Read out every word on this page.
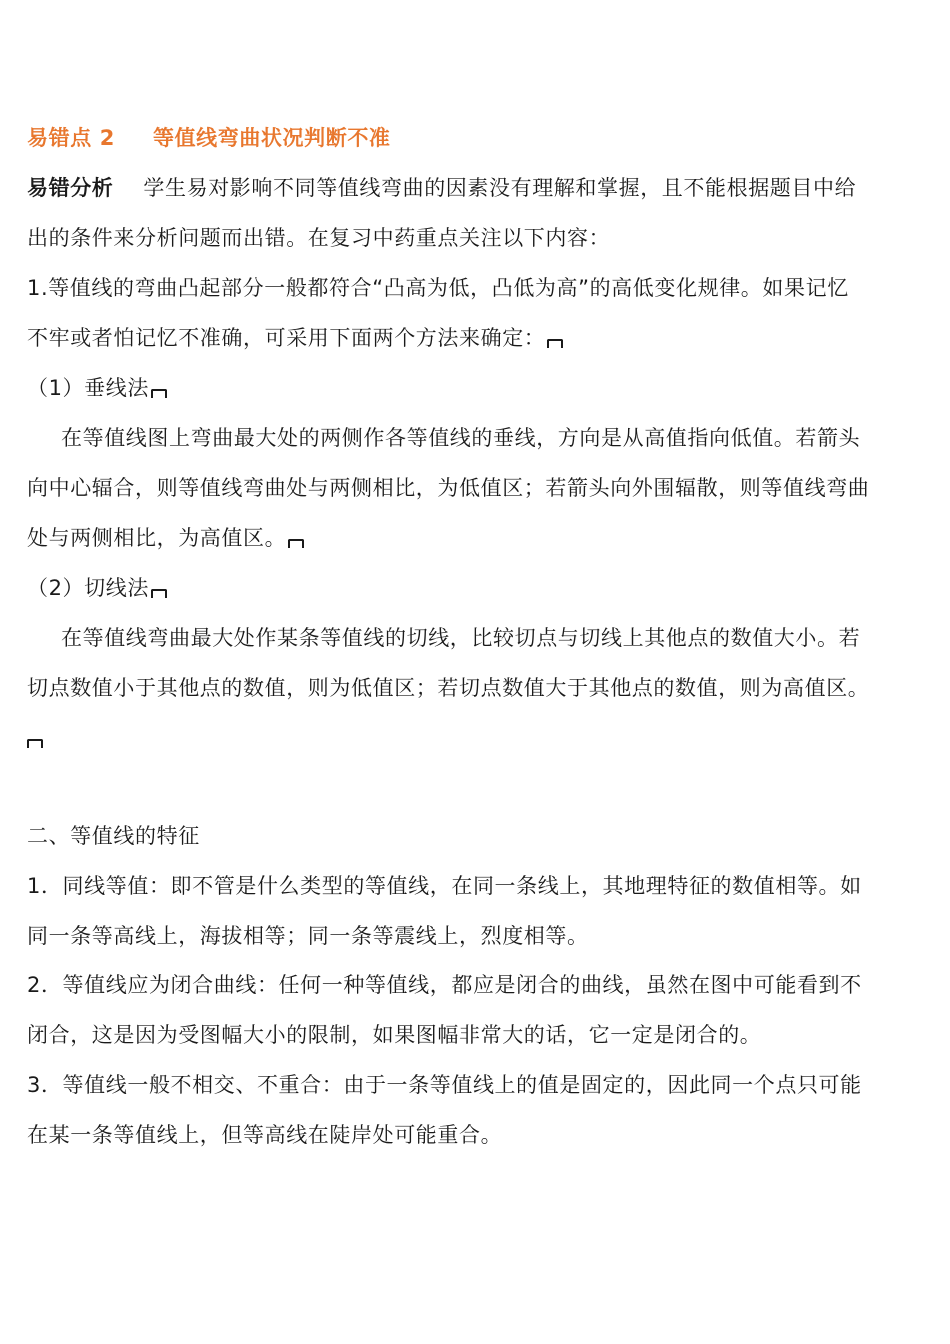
易错点 2 等值线弯曲状况判断不准
易错分析 学生易对影响不同等值线弯曲的因素没有理解和掌握，且不能根据题目中给
出的条件来分析问题而出错。在复习中药重点关注以下内容：
1.等值线的弯曲凸起部分一般都符合“凸高为低，凸低为高”的高低变化规律。如果记忆
不牢或者怕记忆不准确，可采用下面两个方法来确定：
（1）垂线法
在等值线图上弯曲最大处的两侧作各等值线的垂线，方向是从高值指向低值。若箭头
向中心辐合，则等值线弯曲处与两侧相比，为低值区；若箭头向外围辐散，则等值线弯曲
处与两侧相比，为高值区。
（2）切线法
在等值线弯曲最大处作某条等值线的切线，比较切点与切线上其他点的数值大小。若
切点数值小于其他点的数值，则为低值区；若切点数值大于其他点的数值，则为高值区。
二、等值线的特征
1．同线等值：即不管是什么类型的等值线，在同一条线上，其地理特征的数值相等。如
同一条等高线上，海拔相等；同一条等震线上，烈度相等。
2．等值线应为闭合曲线：任何一种等值线，都应是闭合的曲线，虽然在图中可能看到不
闭合，这是因为受图幅大小的限制，如果图幅非常大的话，它一定是闭合的。
3．等值线一般不相交、不重合：由于一条等值线上的值是固定的，因此同一个点只可能
在某一条等值线上，但等高线在陡岸处可能重合。
